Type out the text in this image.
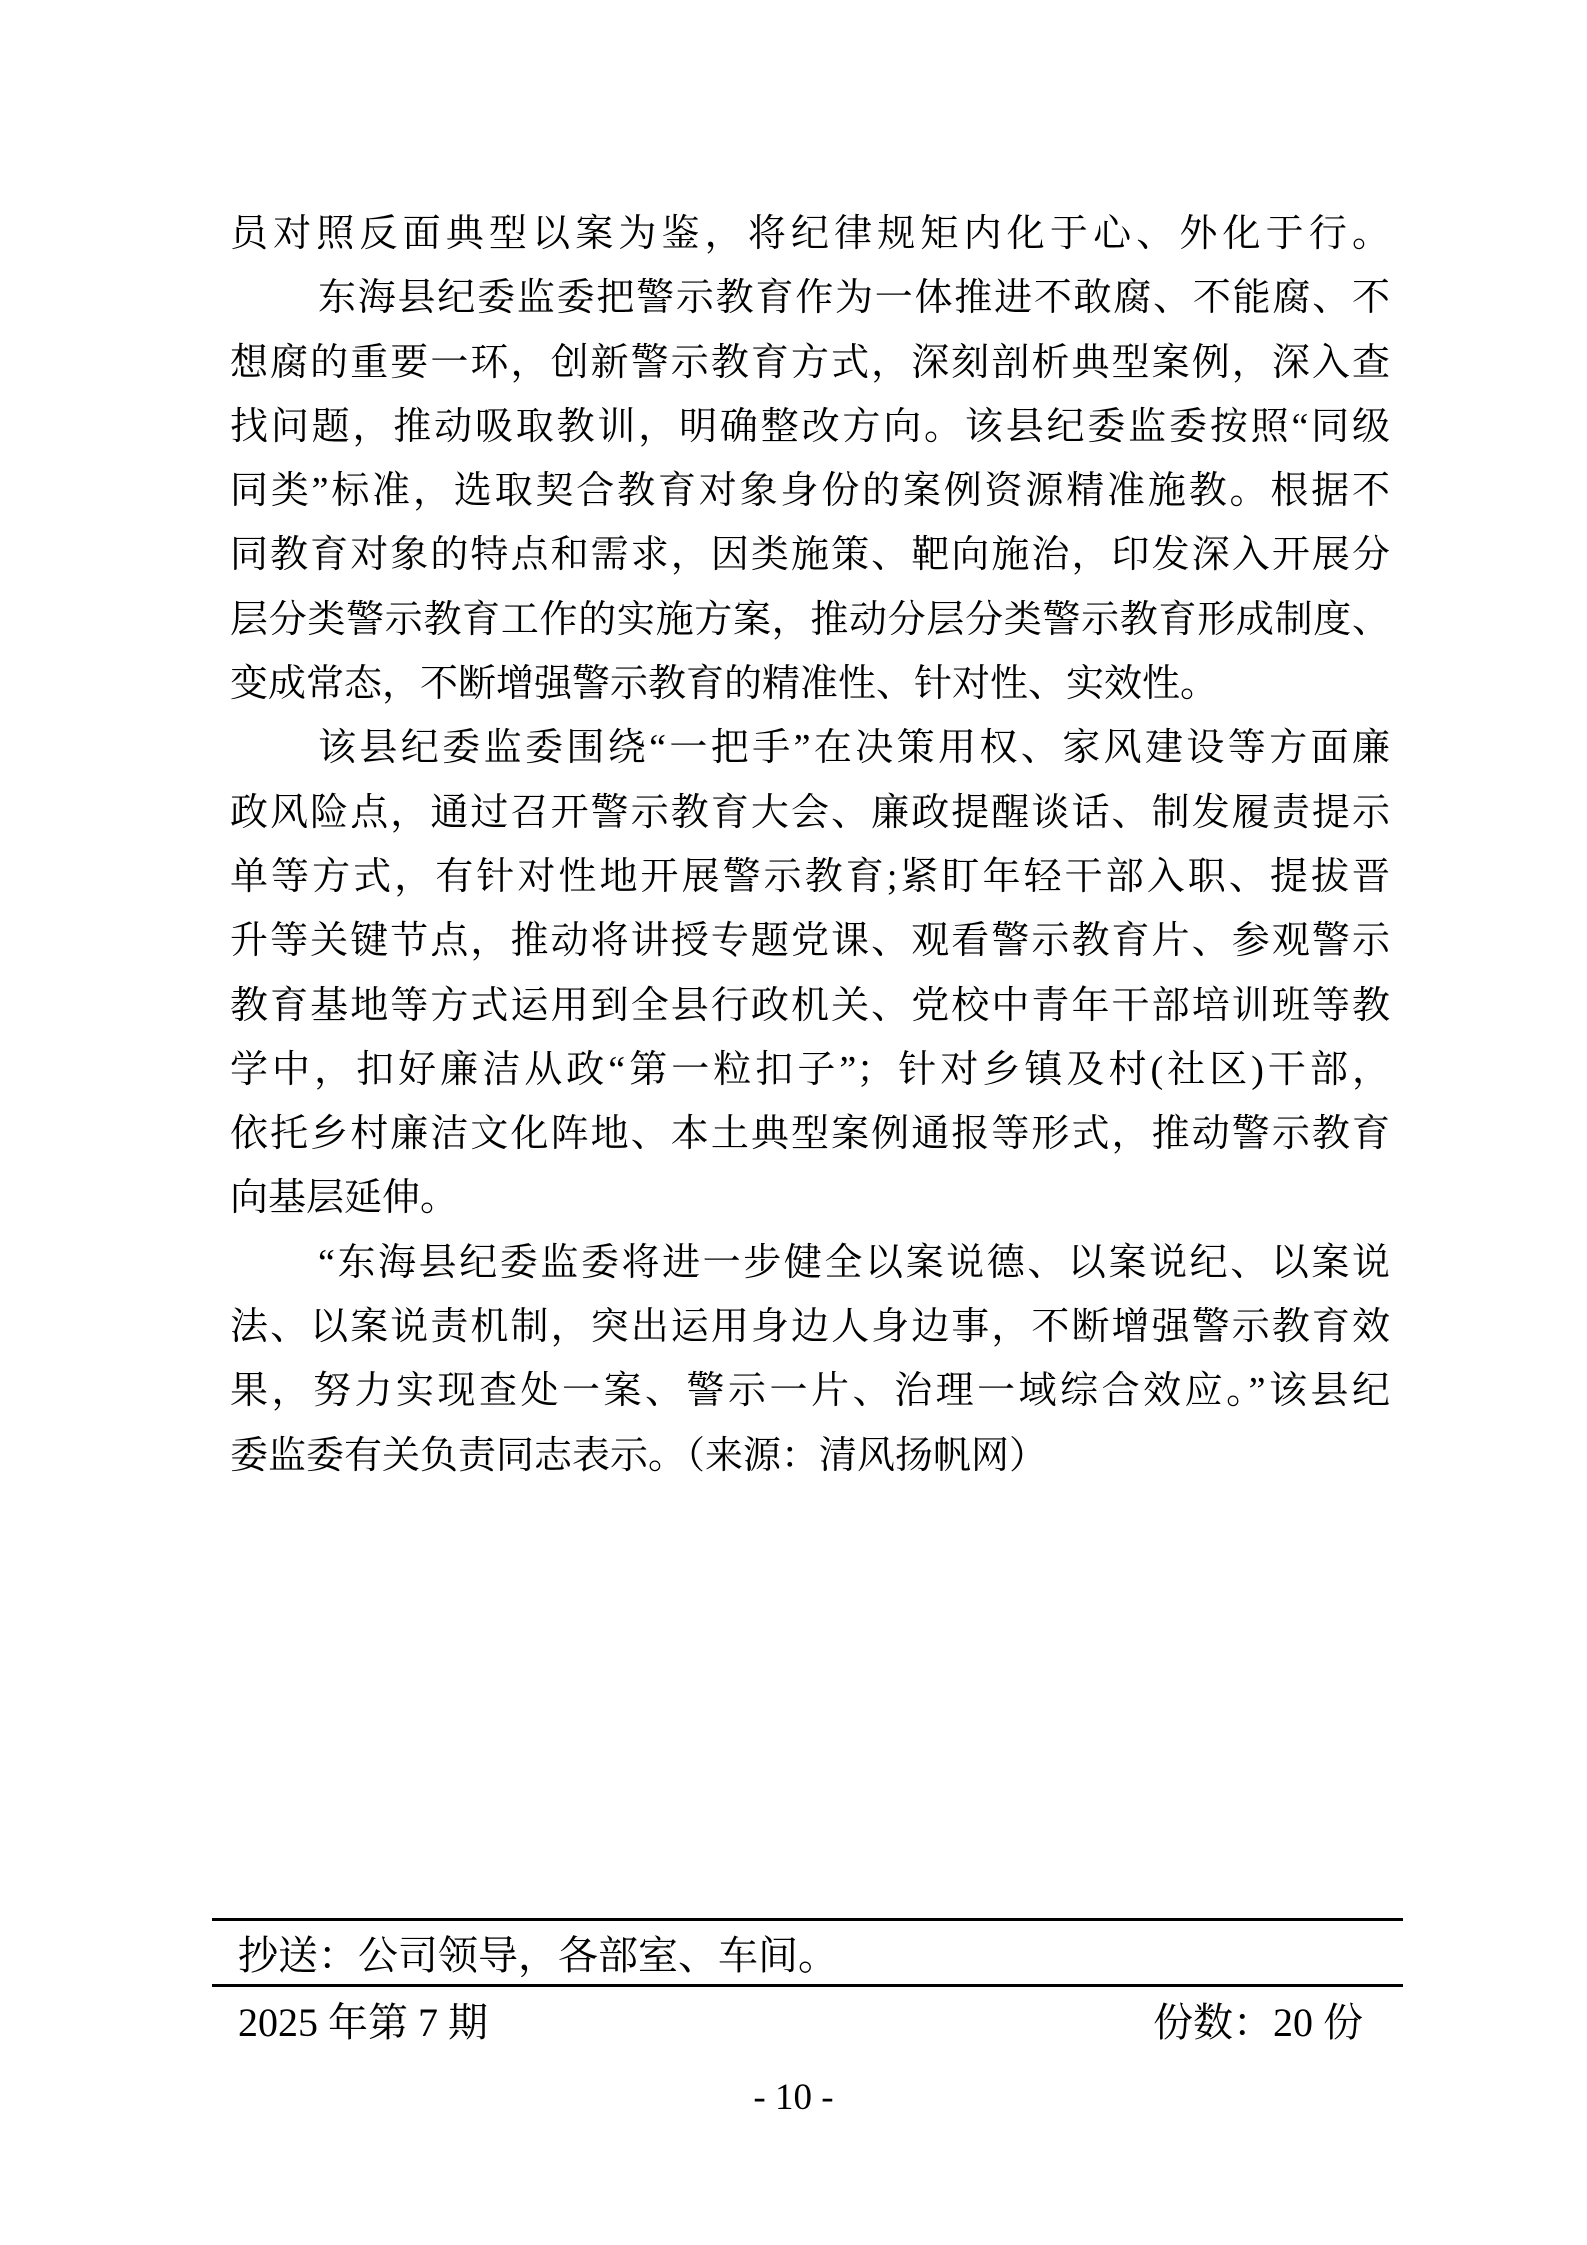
员对照反面典型以案为鉴，将纪律规矩内化于心、外化于行。
东海县纪委监委把警示教育作为一体推进不敢腐、不能腐、不
想腐的重要一环，创新警示教育方式，深刻剖析典型案例，深入查
找问题，推动吸取教训，明确整改方向。该县纪委监委按照“同级
同类”标准，选取契合教育对象身份的案例资源精准施教。根据不
同教育对象的特点和需求，因类施策、靶向施治，印发深入开展分
层分类警示教育工作的实施方案，推动分层分类警示教育形成制度、
变成常态，不断增强警示教育的精准性、针对性、实效性。
该县纪委监委围绕“一把手”在决策用权、家风建设等方面廉
政风险点，通过召开警示教育大会、廉政提醒谈话、制发履责提示
单等方式，有针对性地开展警示教育;紧盯年轻干部入职、提拔晋
升等关键节点，推动将讲授专题党课、观看警示教育片、参观警示
教育基地等方式运用到全县行政机关、党校中青年干部培训班等教
学中，扣好廉洁从政“第一粒扣子”；针对乡镇及村(社区)干部，
依托乡村廉洁文化阵地、本土典型案例通报等形式，推动警示教育
向基层延伸。
“东海县纪委监委将进一步健全以案说德、以案说纪、以案说
法、以案说责机制，突出运用身边人身边事，不断增强警示教育效
果，努力实现查处一案、警示一片、治理一域综合效应。”该县纪
委监委有关负责同志表示。（来源：清风扬帆网）
抄送：公司领导，各部室、车间。
2025 年第 7 期	份数：20 份
- 10 -
